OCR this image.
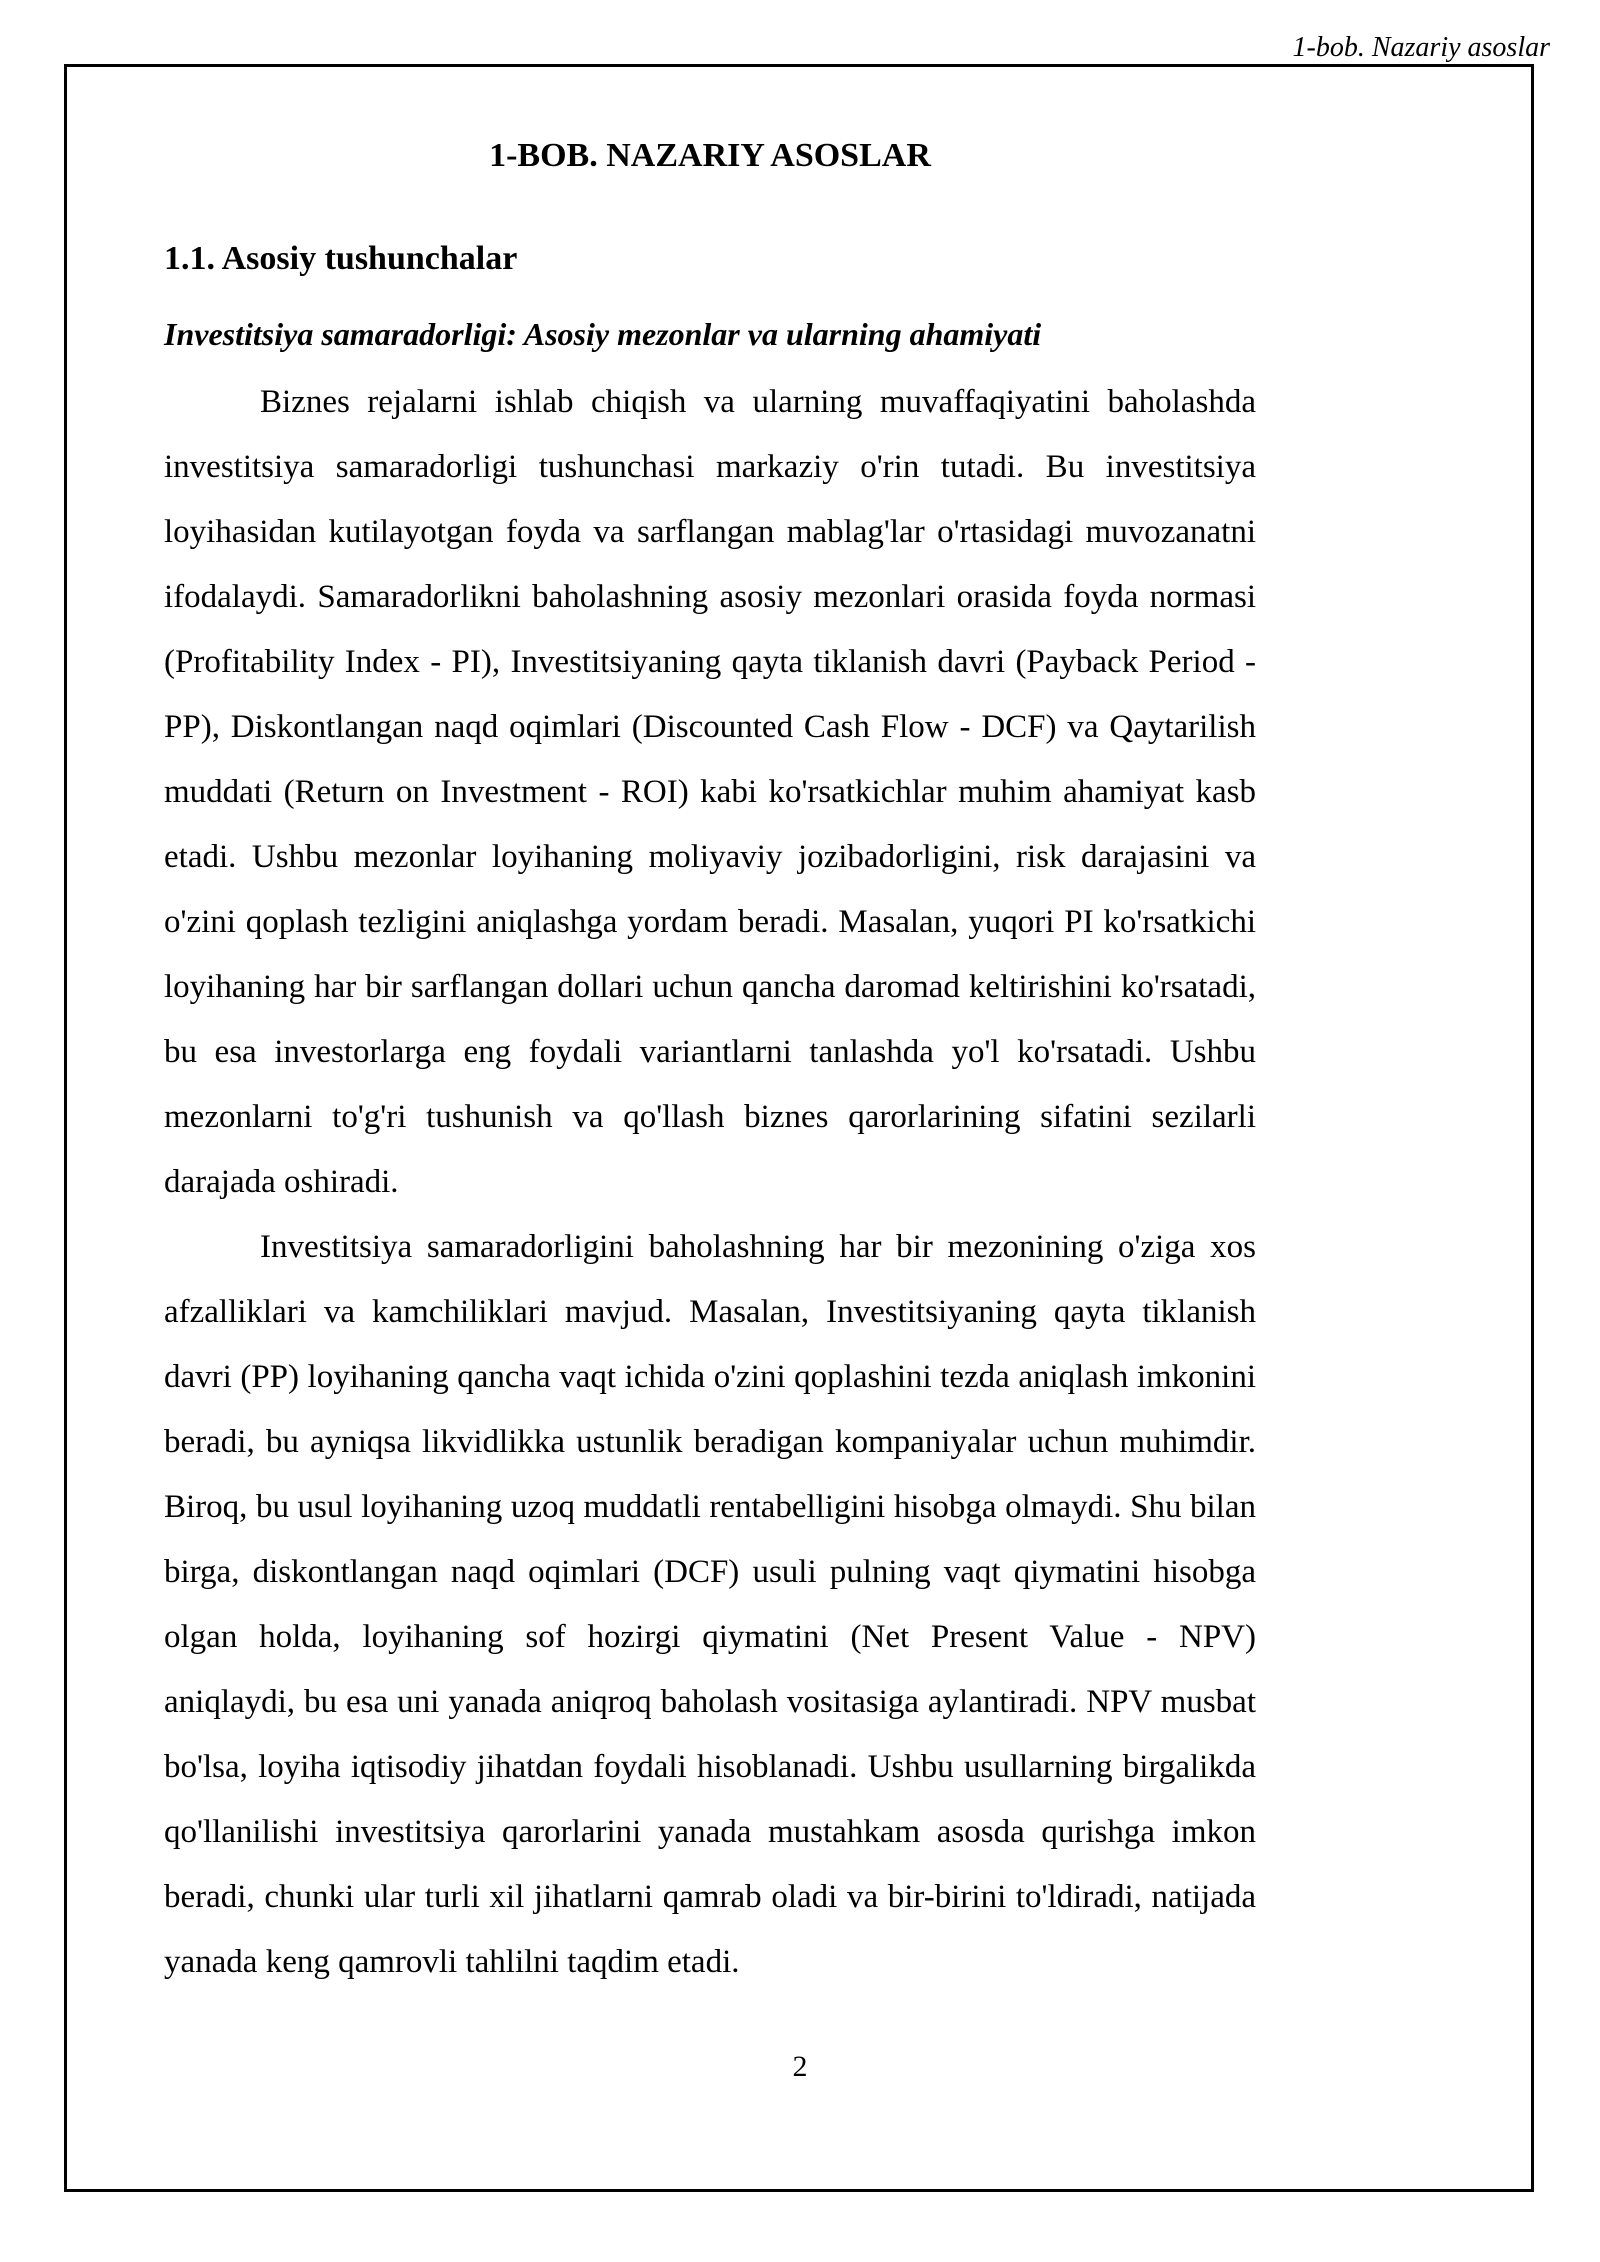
1-bob. Nazariy asoslar
1-BOB. NAZARIY ASOSLAR
1.1. Asosiy tushunchalar
Investitsiya samaradorligi: Asosiy mezonlar va ularning ahamiyati

Biznes rejalarni ishlab chiqish va ularning muvaffaqiyatini baholashda investitsiya samaradorligi tushunchasi markaziy o'rin tutadi. Bu investitsiya loyihasidan kutilayotgan foyda va sarflangan mablag'lar o'rtasidagi muvozanatni ifodalaydi. Samaradorlikni baholashning asosiy mezonlari orasida foyda normasi (Profitability Index - PI), Investitsiyaning qayta tiklanish davri (Payback Period - PP), Diskontlangan naqd oqimlari (Discounted Cash Flow - DCF) va Qaytarilish muddati (Return on Investment - ROI) kabi ko'rsatkichlar muhim ahamiyat kasb etadi. Ushbu mezonlar loyihaning moliyaviy jozibadorligini, risk darajasini va o'zini qoplash tezligini aniqlashga yordam beradi. Masalan, yuqori PI ko'rsatkichi loyihaning har bir sarflangan dollari uchun qancha daromad keltirishini ko'rsatadi, bu esa investorlarga eng foydali variantlarni tanlashda yo'l ko'rsatadi. Ushbu mezonlarni to'g'ri tushunish va qo'llash biznes qarorlarining sifatini sezilarli darajada oshiradi.

Investitsiya samaradorligini baholashning har bir mezonining o'ziga xos afzalliklari va kamchiliklari mavjud. Masalan, Investitsiyaning qayta tiklanish davri (PP) loyihaning qancha vaqt ichida o'zini qoplashini tezda aniqlash imkonini beradi, bu ayniqsa likvidlikka ustunlik beradigan kompaniyalar uchun muhimdir. Biroq, bu usul loyihaning uzoq muddatli rentabelligini hisobga olmaydi. Shu bilan birga, diskontlangan naqd oqimlari (DCF) usuli pulning vaqt qiymatini hisobga olgan holda, loyihaning sof hozirgi qiymatini (Net Present Value - NPV) aniqlaydi, bu esa uni yanada aniqroq baholash vositasiga aylantiradi. NPV musbat bo'lsa, loyiha iqtisodiy jihatdan foydali hisoblanadi. Ushbu usullarning birgalikda qo'llanilishi investitsiya qarorlarini yanada mustahkam asosda qurishga imkon beradi, chunki ular turli xil jihatlarni qamrab oladi va bir-birini to'ldiradi, natijada yanada keng qamrovli tahlilni taqdim etadi.

2
